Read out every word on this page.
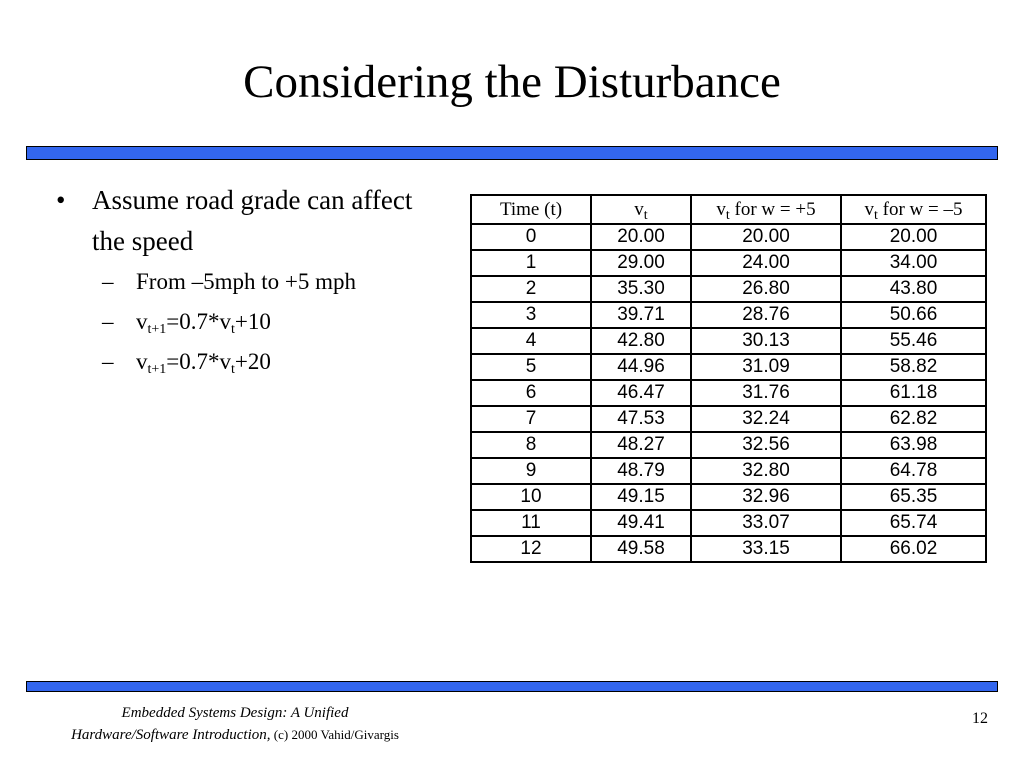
Considering the Disturbance
• Assume road grade can affect the speed
– From –5mph to +5 mph
– $v_{t+1}=0.7*v_t+10$
– $v_{t+1}=0.7*v_t+20$
Time (t)	$v_t$	$v_t$ for w = +5	$v_t$ for w = –5
0	20.00	20.00	20.00
1	29.00	24.00	34.00
2	35.30	26.80	43.80
3	39.71	28.76	50.66
4	42.80	30.13	55.46
5	44.96	31.09	58.82
6	46.47	31.76	61.18
7	47.53	32.24	62.82
8	48.27	32.56	63.98
9	48.79	32.80	64.78
10	49.15	32.96	65.35
11	49.41	33.07	65.74
12	49.58	33.15	66.02
Embedded Systems Design: A Unified
Hardware/Software Introduction, (c) 2000 Vahid/Givargis
12
